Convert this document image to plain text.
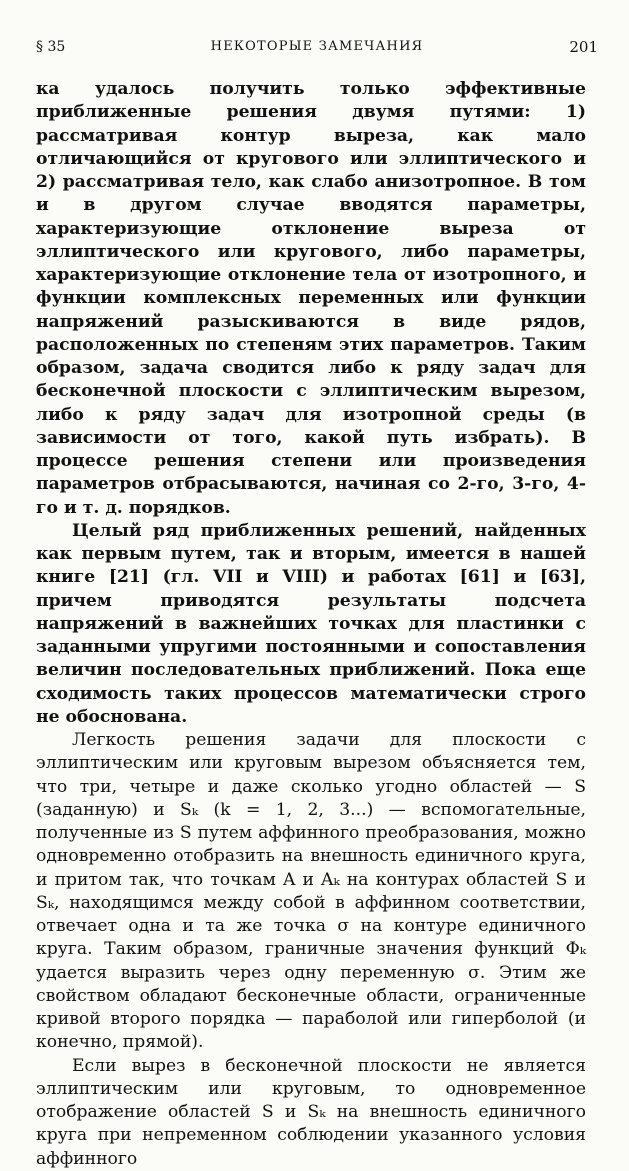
§ 35	НЕКОТОРЫЕ ЗАМЕЧАНИЯ	201

ка удалось получить только эффективные приближенные решения двумя путями: 1) рассматривая контур выреза, как мало отличающийся от кругового или эллиптического и 2) рассматривая тело, как слабо анизотропное. В том и в другом случае вводятся параметры, характеризующие отклонение выреза от эллиптического или кругового, либо параметры, характеризующие отклонение тела от изотропного, и функции комплексных переменных или функции напряжений разыскиваются в виде рядов, расположенных по степеням этих параметров. Таким образом, задача сводится либо к ряду задач для бесконечной плоскости с эллиптическим вырезом, либо к ряду задач для изотропной среды (в зависимости от того, какой путь избрать). В процессе решения степени или произведения параметров отбрасываются, начиная со 2-го, 3-го, 4-го и т. д. порядков.

Целый ряд приближенных решений, найденных как первым путем, так и вторым, имеется в нашей книге [21] (гл. VII и VIII) и работах [61] и [63], причем приводятся результаты подсчета напряжений в важнейших точках для пластинки с заданными упругими постоянными и сопоставления величин последовательных приближений. Пока еще сходимость таких процессов математически строго не обоснована.

Легкость решения задачи для плоскости с эллиптическим или круговым вырезом объясняется тем, что три, четыре и даже сколько угодно областей — S (заданную) и Sₖ (k = 1, 2, 3...) — вспомогательные, полученные из S путем аффинного преобразования, можно одновременно отобразить на внешность единичного круга, и притом так, что точкам A и Aₖ на контурах областей S и Sₖ, находящимся между собой в аффинном соответствии, отвечает одна и та же точка σ на контуре единичного круга. Таким образом, граничные значения функций Φₖ удается выразить через одну переменную σ. Этим же свойством обладают бесконечные области, ограниченные кривой второго порядка — параболой или гиперболой (и конечно, прямой).

Если вырез в бесконечной плоскости не является эллиптическим или круговым, то одновременное отображение областей S и Sₖ на внешность единичного круга при непременном соблюдении указанного условия аффинного
